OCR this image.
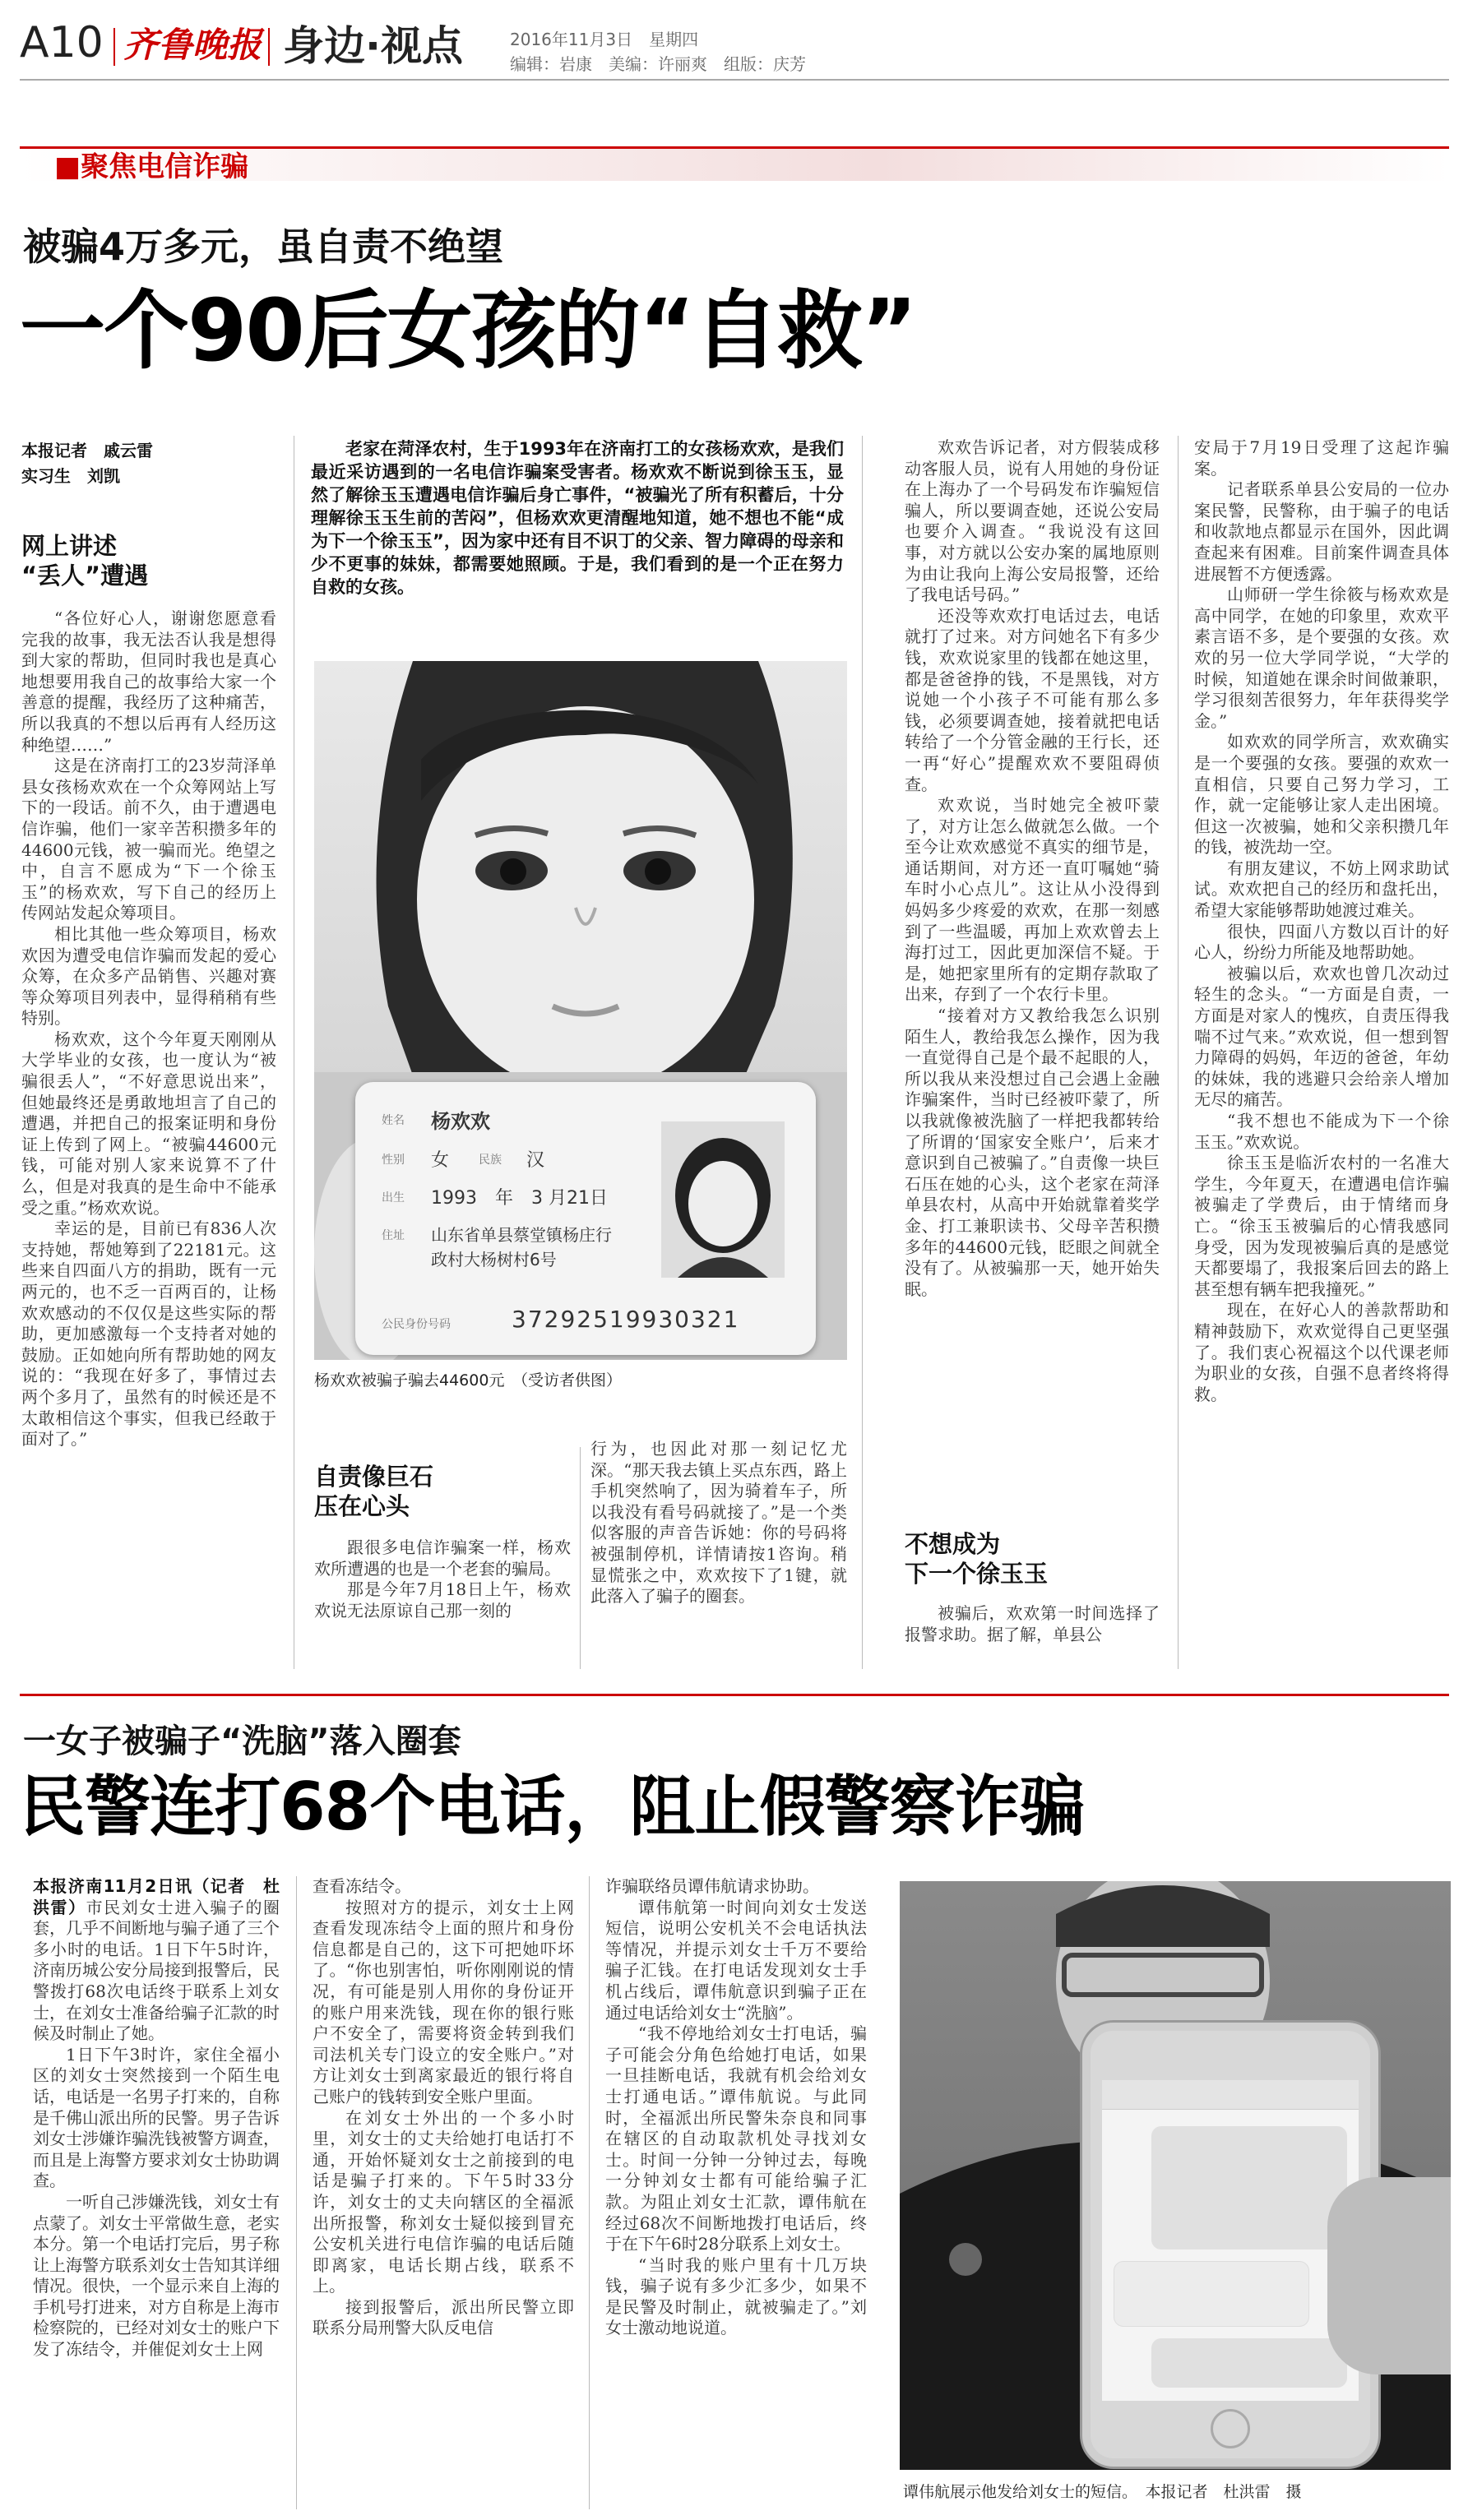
A10 齐鲁晚报 身边·视点	2016年11月3日　星期四
编辑：岩康　美编：许丽爽　组版：庆芳
■聚焦电信诈骗
被骗4万多元，虽自责不绝望
一个90后女孩的“自救”
本报记者　戚云雷
实习生　刘凯
网上讲述
“丢人”遭遇

“各位好心人，谢谢您愿意看完我的故事，我无法否认我是想得到大家的帮助，但同时我也是真心地想要用我自己的故事给大家一个善意的提醒，我经历了这种痛苦，所以我真的不想以后再有人经历这种绝望……”

这是在济南打工的23岁菏泽单县女孩杨欢欢在一个众筹网站上写下的一段话。前不久，由于遭遇电信诈骗，他们一家辛苦积攒多年的44600元钱，被一骗而光。绝望之中，自言不愿成为“下一个徐玉玉”的杨欢欢，写下自己的经历上传网站发起众筹项目。

相比其他一些众筹项目，杨欢欢因为遭受电信诈骗而发起的爱心众筹，在众多产品销售、兴趣对赛等众筹项目列表中，显得稍稍有些特别。

杨欢欢，这个今年夏天刚刚从大学毕业的女孩，也一度认为“被骗很丢人”，“不好意思说出来”，但她最终还是勇敢地坦言了自己的遭遇，并把自己的报案证明和身份证上传到了网上。“被骗44600元钱，可能对别人家来说算不了什么，但是对我真的是生命中不能承受之重。”杨欢欢说。

幸运的是，目前已有836人次支持她，帮她筹到了22181元。这些来自四面八方的捐助，既有一元两元的，也不乏一百两百的，让杨欢欢感动的不仅仅是这些实际的帮助，更加感激每一个支持者对她的鼓励。正如她向所有帮助她的网友说的：“我现在好多了，事情过去两个多月了，虽然有的时候还是不太敢相信这个事实，但我已经敢于面对了。”

老家在菏泽农村，生于1993年在济南打工的女孩杨欢欢，是我们最近采访遇到的一名电信诈骗案受害者。杨欢欢不断说到徐玉玉，显然了解徐玉玉遭遇电信诈骗后身亡事件，“被骗光了所有积蓄后，十分理解徐玉玉生前的苦闷”，但杨欢欢更清醒地知道，她不想也不能“成为下一个徐玉玉”，因为家中还有目不识丁的父亲、智力障碍的母亲和少不更事的妹妹，都需要她照顾。于是，我们看到的是一个正在努力自救的女孩。
姓名 杨欢欢
性别 女	民族 汉
出生 1993　年　3 月21日
住址 山东省单县蔡堂镇杨庄行
政村大杨树村6号
公民身份号码	37292519930321
杨欢欢被骗子骗去44600元　（受访者供图）
自责像巨石
压在心头

跟很多电信诈骗案一样，杨欢欢所遭遇的也是一个老套的骗局。

那是今年7月18日上午，杨欢欢说无法原谅自己那一刻的

行为，也因此对那一刻记忆尤深。“那天我去镇上买点东西，路上手机突然响了，因为骑着车子，所以我没有看号码就接了。”是一个类似客服的声音告诉她：你的号码将被强制停机，详情请按1咨询。稍显慌张之中，欢欢按下了1键，就此落入了骗子的圈套。

欢欢告诉记者，对方假装成移动客服人员，说有人用她的身份证在上海办了一个号码发布诈骗短信骗人，所以要调查她，还说公安局也要介入调查。“我说没有这回事，对方就以公安办案的属地原则为由让我向上海公安局报警，还给了我电话号码。”

还没等欢欢打电话过去，电话就打了过来。对方问她名下有多少钱，欢欢说家里的钱都在她这里，都是爸爸挣的钱，不是黑钱，对方说她一个小孩子不可能有那么多钱，必须要调查她，接着就把电话转给了一个分管金融的王行长，还一再“好心”提醒欢欢不要阻碍侦查。

欢欢说，当时她完全被吓蒙了，对方让怎么做就怎么做。一个至今让欢欢感觉不真实的细节是，通话期间，对方还一直叮嘱她“骑车时小心点儿”。这让从小没得到妈妈多少疼爱的欢欢，在那一刻感到了一些温暖，再加上欢欢曾去上海打过工，因此更加深信不疑。于是，她把家里所有的定期存款取了出来，存到了一个农行卡里。

“接着对方又教给我怎么识别陌生人，教给我怎么操作，因为我一直觉得自己是个最不起眼的人，所以我从来没想过自己会遇上金融诈骗案件，当时已经被吓蒙了，所以我就像被洗脑了一样把我都转给了所谓的‘国家安全账户’，后来才意识到自己被骗了。”自责像一块巨石压在她的心头，这个老家在菏泽单县农村，从高中开始就靠着奖学金、打工兼职读书、父母辛苦积攒多年的44600元钱，眨眼之间就全没有了。从被骗那一天，她开始失眠。

不想成为
下一个徐玉玉

被骗后，欢欢第一时间选择了报警求助。据了解，单县公

安局于7月19日受理了这起诈骗案。

记者联系单县公安局的一位办案民警，民警称，由于骗子的电话和收款地点都显示在国外，因此调查起来有困难。目前案件调查具体进展暂不方便透露。

山师研一学生徐筱与杨欢欢是高中同学，在她的印象里，欢欢平素言语不多，是个要强的女孩。欢欢的另一位大学同学说，“大学的时候，知道她在课余时间做兼职，学习很刻苦很努力，年年获得奖学金。”

如欢欢的同学所言，欢欢确实是一个要强的女孩。要强的欢欢一直相信，只要自己努力学习，工作，就一定能够让家人走出困境。但这一次被骗，她和父亲积攒几年的钱，被洗劫一空。

有朋友建议，不妨上网求助试试。欢欢把自己的经历和盘托出，希望大家能够帮助她渡过难关。

很快，四面八方数以百计的好心人，纷纷力所能及地帮助她。

被骗以后，欢欢也曾几次动过轻生的念头。“一方面是自责，一方面是对家人的愧疚，自责压得我喘不过气来。”欢欢说，但一想到智力障碍的妈妈，年迈的爸爸，年幼的妹妹，我的逃避只会给亲人增加无尽的痛苦。

“我不想也不能成为下一个徐玉玉。”欢欢说。

徐玉玉是临沂农村的一名准大学生，今年夏天，在遭遇电信诈骗被骗走了学费后，由于情绪而身亡。“徐玉玉被骗后的心情我感同身受，因为发现被骗后真的是感觉天都要塌了，我报案后回去的路上甚至想有辆车把我撞死。”

现在，在好心人的善款帮助和精神鼓励下，欢欢觉得自己更坚强了。我们衷心祝福这个以代课老师为职业的女孩，自强不息者终将得救。

一女子被骗子“洗脑”落入圈套
民警连打68个电话，阻止假警察诈骗
本报济南11月2日讯（记者　杜洪雷）市民刘女士进入骗子的圈套，几乎不间断地与骗子通了三个多小时的电话。1日下午5时许，济南历城公安分局接到报警后，民警拨打68次电话终于联系上刘女士，在刘女士准备给骗子汇款的时候及时制止了她。

1日下午3时许，家住全福小区的刘女士突然接到一个陌生电话，电话是一名男子打来的，自称是千佛山派出所的民警。男子告诉刘女士涉嫌诈骗洗钱被警方调查，而且是上海警方要求刘女士协助调查。

一听自己涉嫌洗钱，刘女士有点蒙了。刘女士平常做生意，老实本分。第一个电话打完后，男子称让上海警方联系刘女士告知其详细情况。很快，一个显示来自上海的手机号打进来，对方自称是上海市检察院的，已经对刘女士的账户下发了冻结令，并催促刘女士上网

查看冻结令。

按照对方的提示，刘女士上网查看发现冻结令上面的照片和身份信息都是自己的，这下可把她吓坏了。“你也别害怕，听你刚刚说的情况，有可能是别人用你的身份证开的账户用来洗钱，现在你的银行账户不安全了，需要将资金转到我们司法机关专门设立的安全账户。”对方让刘女士到离家最近的银行将自己账户的钱转到安全账户里面。

在刘女士外出的一个多小时里，刘女士的丈夫给她打电话打不通，开始怀疑刘女士之前接到的电话是骗子打来的。下午5时33分许，刘女士的丈夫向辖区的全福派出所报警，称刘女士疑似接到冒充公安机关进行电信诈骗的电话后随即离家，电话长期占线，联系不上。

接到报警后，派出所民警立即联系分局刑警大队反电信

诈骗联络员谭伟航请求协助。

谭伟航第一时间向刘女士发送短信，说明公安机关不会电话执法等情况，并提示刘女士千万不要给骗子汇钱。在打电话发现刘女士手机占线后，谭伟航意识到骗子正在通过电话给刘女士“洗脑”。

“我不停地给刘女士打电话，骗子可能会分角色给她打电话，如果一旦挂断电话，我就有机会给刘女士打通电话。”谭伟航说。与此同时，全福派出所民警朱奈良和同事在辖区的自动取款机处寻找刘女士。时间一分钟一分钟过去，每晚一分钟刘女士都有可能给骗子汇款。为阻止刘女士汇款，谭伟航在经过68次不间断地拨打电话后，终于在下午6时28分联系上刘女士。

“当时我的账户里有十几万块钱，骗子说有多少汇多少，如果不是民警及时制止，就被骗走了。”刘女士激动地说道。

谭伟航展示他发给刘女士的短信。　本报记者　杜洪雷　摄
